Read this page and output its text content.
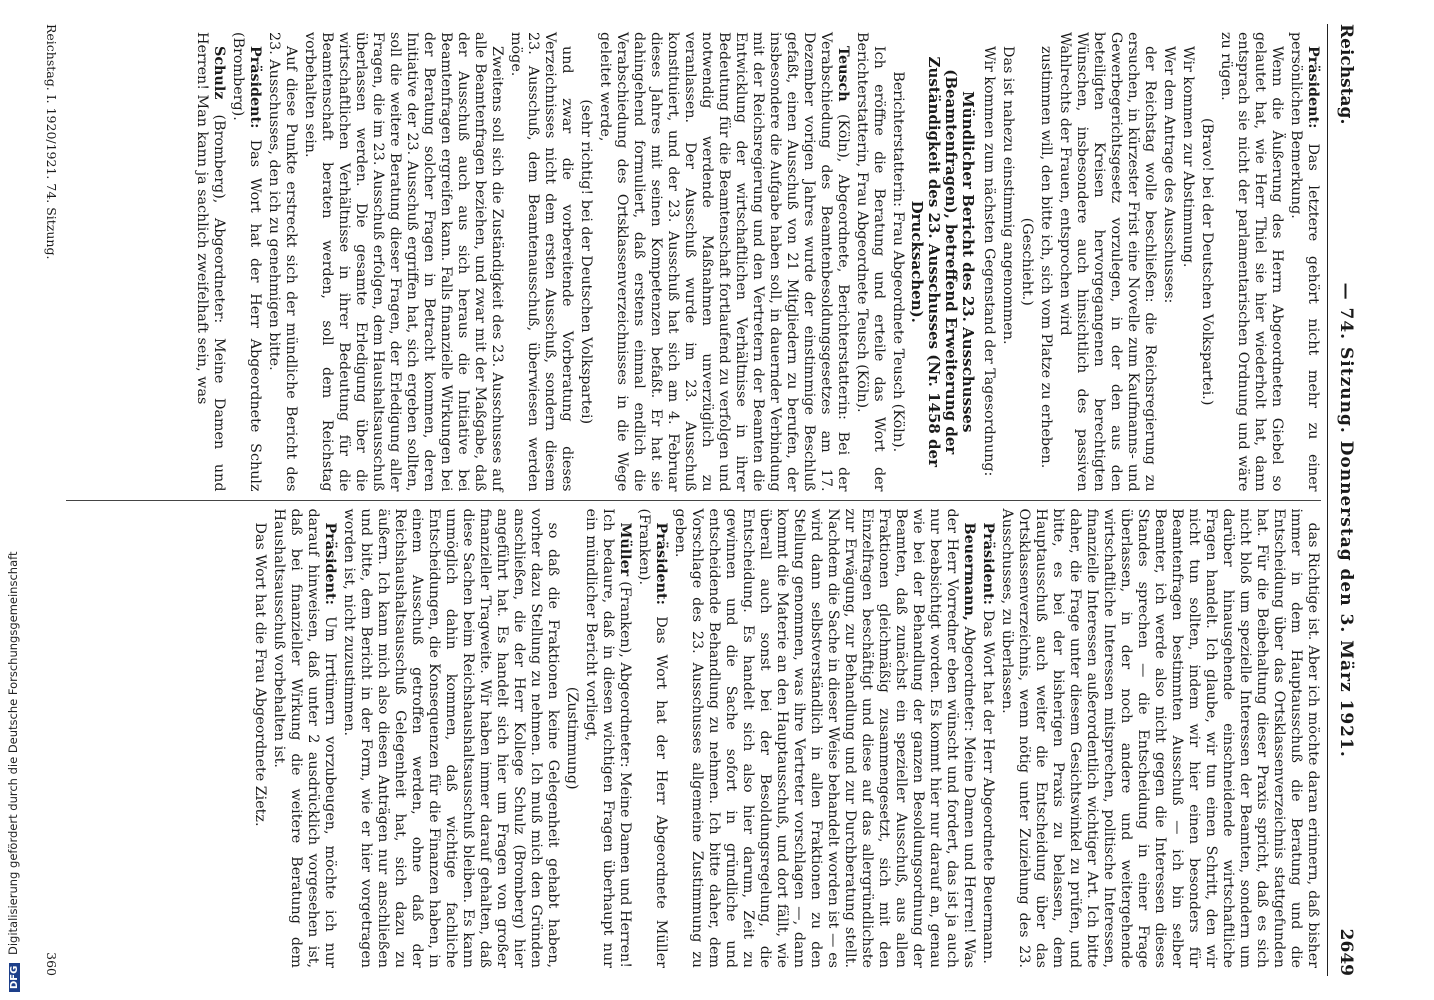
Reichstag.
— 74. Sitzung. Donnerstag den 3. März 1921.
2649

Präsident: Das letztere gehört nicht mehr zu einer persönlichen Bemerkung.

Wenn die Äußerung des Herrn Abgeordneten Giebel so gelautet hat, wie Herr Thiel sie hier wiederholt hat, dann entsprach sie nicht der parlamentarischen Ordnung und wäre zu rügen.

(Bravo! bei der Deutschen Volkspartei.)

Wir kommen zur Abstimmung.

Wer dem Antrage des Ausschusses:

der Reichstag wolle beschließen: die Reichsregierung zu ersuchen, in kürzester Frist eine Novelle zum Kaufmanns- und Gewerbegerichtsgesetz vorzulegen, in der den aus den beteiligten Kreisen hervorgegangenen berechtigten Wünschen, insbesondere auch hinsichtlich des passiven Wahlrechts der Frauen, entsprochen wird

zustimmen will, den bitte ich, sich vom Platze zu erheben.

(Geschieht.)

Das ist nahezu einstimmig angenommen.

Wir kommen zum nächsten Gegenstand der Tagesordnung:

Mündlicher Bericht des 23. Ausschusses (Beamtenfragen), betreffend Erweiterung der Zuständigkeit des 23. Ausschusses (Nr. 1458 der Drucksachen).

Berichterstatterin: Frau Abgeordnete Teusch (Köln).

Ich eröffne die Beratung und erteile das Wort der Berichterstatterin, Frau Abgeordnete Teusch (Köln).

Teusch (Köln), Abgeordnete, Berichterstatterin: Bei der Verabschiedung des Beamtenbesoldungsgesetzes am 17. Dezember vorigen Jahres wurde der einstimmige Beschluß gefaßt, einen Ausschuß von 21 Mitgliedern zu berufen, der insbesondere die Aufgabe haben soll, in dauernder Verbindung mit der Reichsregierung und den Vertretern der Beamten die Entwicklung der wirtschaftlichen Verhältnisse in ihrer Bedeutung für die Beamtenschaft fortlaufend zu verfolgen und notwendig werdende Maßnahmen unverzüglich zu veranlassen. Der Ausschuß wurde im 23. Ausschuß konstituiert, und der 23. Ausschuß hat sich am 4. Februar dieses Jahres mit seinen Kompetenzen befaßt. Er hat sie dahingehend formuliert, daß erstens einmal endlich die Verabschiedung des Ortsklassenverzeichnisses in die Wege geleitet werde,

(sehr richtig! bei der Deutschen Volkspartei)

und zwar die vorbereitende Vorberatung dieses Verzeichnisses nicht dem ersten Ausschuß, sondern diesem 23. Ausschuß, dem Beamtenausschuß, überwiesen werden möge.

Zweitens soll sich die Zuständigkeit des 23. Ausschusses auf alle Beamtenfragen beziehen, und zwar mit der Maßgabe, daß der Ausschuß auch aus sich heraus die Initiative bei Beamtenfragen ergreifen kann. Falls finanzielle Wirkungen bei der Beratung solcher Fragen in Betracht kommen, deren Initiative der 23. Ausschuß ergriffen hat, sich ergeben sollten, soll die weitere Beratung dieser Fragen, der Erledigung aller Fragen, die im 23. Ausschuß erfolgen, dem Haushaltsausschuß überlassen werden. Die gesamte Erledigung über die wirtschaftlichen Verhältnisse in ihrer Bedeutung für die Beamtenschaft beraten werden, soll dem Reichstag vorbehalten sein.

Auf diese Punkte erstreckt sich der mündliche Bericht des 23. Ausschusses, den ich zu genehmigen bitte.

Präsident: Das Wort hat der Herr Abgeordnete Schulz (Bromberg).

Schulz (Bromberg), Abgeordneter: Meine Damen und Herren! Man kann ja sachlich zweifelhaft sein, was

das Richtige ist. Aber ich möchte daran erinnern, daß bisher immer in dem Hauptausschuß die Beratung und die Entscheidung über das Ortsklassenverzeichnis stattgefunden hat. Für die Beibehaltung dieser Praxis spricht, daß es sich nicht bloß um spezielle Interessen der Beamten, sondern um darüber hinausgehende einschneidende wirtschaftliche Fragen handelt. Ich glaube, wir tun einen Schritt, den wir nicht tun sollten, indem wir hier einen besonders für Beamtenfragen bestimmten Ausschuß — ich bin selber Beamter, ich werde also nicht gegen die Interessen dieses Standes sprechen — die Entscheidung in einer Frage überlassen, in der noch andere und weitergehende wirtschaftliche Interessen mitsprechen, politische Interessen, finanzielle Interessen außerordentlich wichtiger Art. Ich bitte daher, die Frage unter diesem Gesichtswinkel zu prüfen, und bitte, es bei der bisherigen Praxis zu belassen, dem Hauptausschuß auch weiter die Entscheidung über das Ortsklassenverzeichnis, wenn nötig unter Zuziehung des 23. Ausschusses, zu überlassen.

Präsident: Das Wort hat der Herr Abgeordnete Beuermann.

Beuermann, Abgeordneter: Meine Damen und Herren! Was der Herr Vorredner eben wünscht und fordert, das ist ja auch nur beabsichtigt worden. Es kommt hier nur darauf an, genau wie bei der Behandlung der ganzen Besoldungsordnung der Beamten, daß zunächst ein spezieller Ausschuß, aus allen Fraktionen gleichmäßig zusammengesetzt, sich mit den Einzelfragen beschäftigt und diese auf das allergründlichste zur Erwägung, zur Behandlung und zur Durchberatung stellt. Nachdem die Sache in dieser Weise behandelt worden ist — es wird dann selbstverständlich in allen Fraktionen zu den Stellung genommen, was ihre Vertreter vorschlagen —, dann kommt die Materie an den Hauptausschuß, und dort fällt, wie überall auch sonst bei der Besoldungsregelung, die Entscheidung. Es handelt sich also hier darum, Zeit zu gewinnen und die Sache sofort in gründliche und entscheidende Behandlung zu nehmen. Ich bitte daher, dem Vorschlage des 23. Ausschusses allgemeine Zustimmung zu geben.

Präsident: Das Wort hat der Herr Abgeordnete Müller (Franken).

Müller (Franken), Abgeordneter: Meine Damen und Herren! Ich bedaure, daß in diesen wichtigen Fragen überhaupt nur ein mündlicher Bericht vorliegt,

(Zustimmung)

so daß die Fraktionen keine Gelegenheit gehabt haben, vorher dazu Stellung zu nehmen. Ich muß mich den Gründen anschließen, die der Herr Kollege Schulz (Bromberg) hier angeführt hat. Es handelt sich hier um Fragen von großer finanzieller Tragweite. Wir haben immer darauf gehalten, daß diese Sachen beim Reichshaushaltsausschuß bleiben. Es kann unmöglich dahin kommen, daß wichtige fachliche Entscheidungen, die Konsequenzen für die Finanzen haben, in einem Ausschuß getroffen werden, ohne daß der Reichshaushaltsausschuß Gelegenheit hat, sich dazu zu äußern. Ich kann mich also diesen Anträgen nur anschließen und bitte, dem Bericht in der Form, wie er hier vorgetragen worden ist, nicht zuzustimmen.

Präsident: Um Irrtümern vorzubeugen, möchte ich nur darauf hinweisen, daß unter 2 ausdrücklich vorgesehen ist, daß bei finanzieller Wirkung die weitere Beratung dem Haushaltsausschuß vorbehalten ist.

Das Wort hat die Frau Abgeordnete Zietz.

Reichstag. I. 1920/1921. 74. Sitzung.
360
DFG Digitalisierung gefördert durch die Deutsche Forschungsgemeinschaft
